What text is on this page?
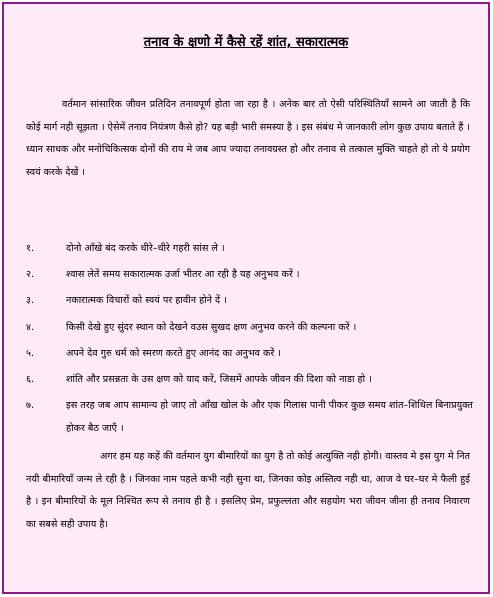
तनाव के क्षणो में कैसे रहें शांत, सकारात्मक
वर्तमान सांसारिक जीवन प्रतिदिन तनावपूर्ण होता जा रहा है । अनेक बार तो ऐसी परिस्थितियाँ सामने आ जाती है कि कोई मार्ग नही सूझता । ऐसेमें तनाव नियंत्रण कैसे हो? यह बड़ी भारी समस्या है । इस संबंध मे जानकारी लोग कुछ उपाय बताते हैं । ध्यान साधक और मनोचिकित्सक दोनों की राय मे जब आप ज्यादा तनावग्रस्त हो और तनाव से तत्काल मुक्ति चाहते हो तो ये प्रयोग स्वयं करके देखें ।
१.	दोनो आँखे बंद करके धीरे–धीरे गहरी सांस ले ।
२.	श्वास लेतें समय सकारात्मक उर्जा भीतर आ रही है यह अनुभव करें ।
३.	नकारात्मक विचारों को स्वयं पर हावीन होने दें ।
४.	किसी देखे हुए सुंदर स्थान को देखने वउस सुखद क्षण अनुभव करने की कल्पना करें ।
५.	अपने देव गुरु धर्म को स्मरण करते हुए आनंद का अनुभव करें ।
६.	शांति और प्रसन्नता के उस क्षण को याद करें, जिसमें आपके जीवन की दिशा को नाडा हो ।
७.	इस तरह जब आप सामान्य हो जाए तो आँख खोल के और एक गिलास पानी पीकर कुछ समय शांत–शिथिल बिनाप्रयुक्त होकर बैठ जाएँ ।
अगर हम यह कहें की वर्तमान युग बीमारियों का युग है तो कोई अत्युक्ति नही होगी। वास्तव मे इस युग मे नित नयी बीमारियाँ जन्म ले रही है । जिनका नाम पहले कभी नही सुना था, जिनका कोइ अस्तित्व नही था, आज वे घर–घर मे फैली हुई है । इन बीमारियों के मूल निश्चित रूप से तनाव ही है । इसलिए प्रेम, प्रफुल्लता और सहयोग भरा जीवन जीना ही तनाव निवारण का सबसे सही उपाय है।
